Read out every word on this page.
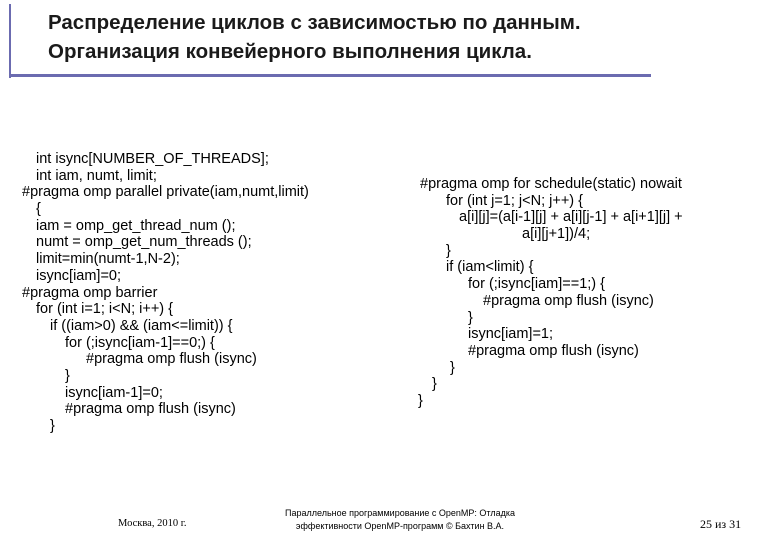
Распределение циклов с зависимостью по данным.
Организация конвейерного выполнения цикла.
int isync[NUMBER_OF_THREADS];
int iam, numt, limit;
#pragma omp parallel private(iam,numt,limit)
{
iam = omp_get_thread_num ();
numt = omp_get_num_threads ();
limit=min(numt-1,N-2);
isync[iam]=0;
#pragma omp barrier
for (int i=1; i<N; i++) {
if ((iam>0) && (iam<=limit)) {
for (;isync[iam-1]==0;) {
#pragma omp flush (isync)
}
isync[iam-1]=0;
#pragma omp flush (isync)
}
#pragma omp for schedule(static) nowait
for (int j=1; j<N; j++) {
a[i][j]=(a[i-1][j] + a[i][j-1] + a[i+1][j] +
a[i][j+1])/4;
}
if (iam<limit) {
for (;isync[iam]==1;) {
#pragma omp flush (isync)
}
isync[iam]=1;
#pragma omp flush (isync)
}
}
}
Москва, 2010 г.
Параллельное программирование с OpenMP: Отладка
эффективности OpenMP-программ © Бахтин В.А.	25 из 31
